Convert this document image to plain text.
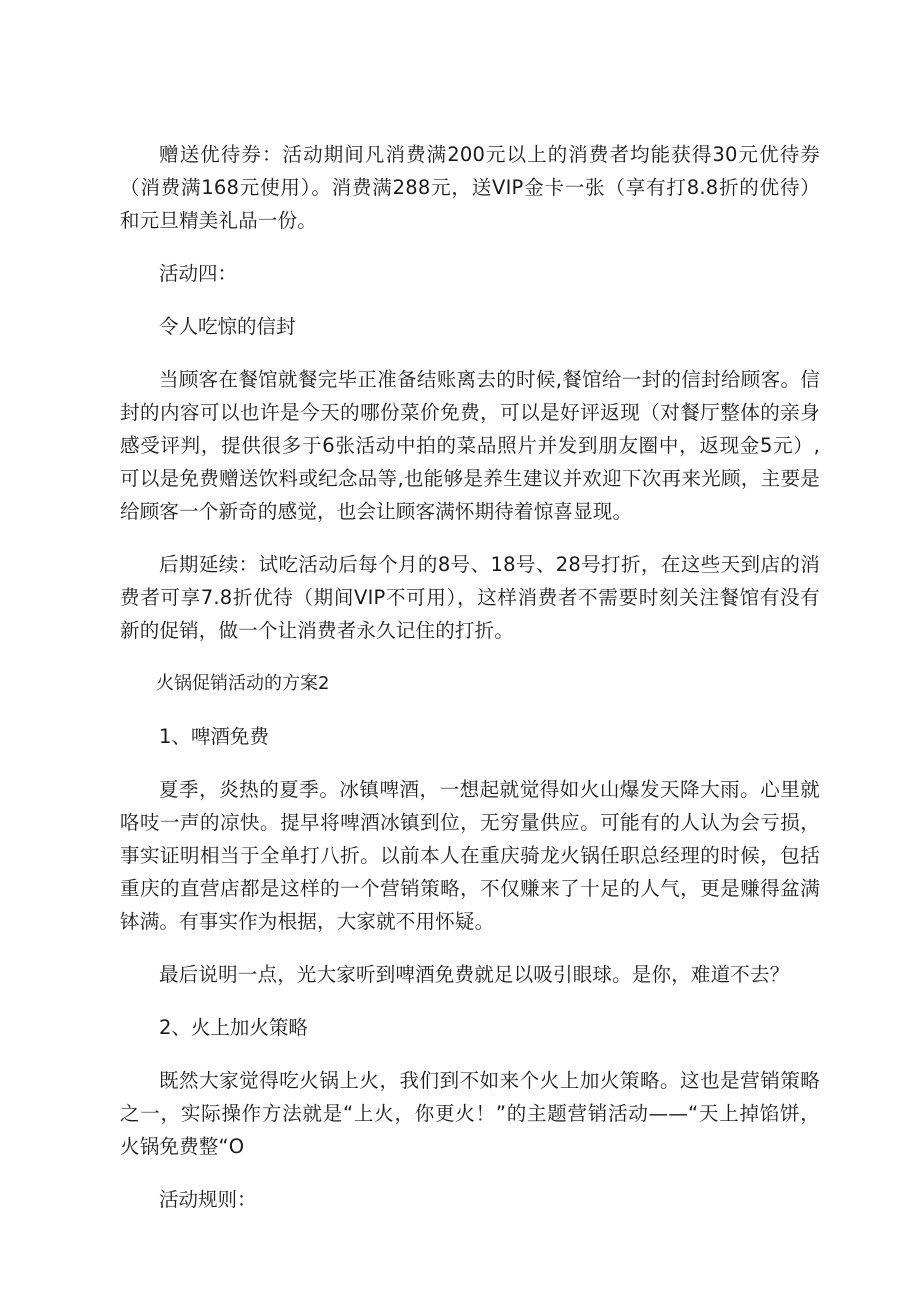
赠送优待券：活动期间凡消费满200元以上的消费者均能获得30元优待券（消费满168元使用）。消费满288元，送VIP金卡一张（享有打8.8折的优待）和元旦精美礼品一份。

活动四：

令人吃惊的信封

当顾客在餐馆就餐完毕正准备结账离去的时候,餐馆给一封的信封给顾客。信封的内容可以也许是今天的哪份菜价免费，可以是好评返现（对餐厅整体的亲身感受评判，提供很多于6张活动中拍的菜品照片并发到朋友圈中，返现金5元）,可以是免费赠送饮料或纪念品等,也能够是养生建议并欢迎下次再来光顾，主要是给顾客一个新奇的感觉，也会让顾客满怀期待着惊喜显现。

后期延续：试吃活动后每个月的8号、18号、28号打折，在这些天到店的消费者可享7.8折优待（期间VIP不可用），这样消费者不需要时刻关注餐馆有没有新的促销，做一个让消费者永久记住的打折。

火锅促销活动的方案2

1、啤酒免费

夏季，炎热的夏季。冰镇啤酒，一想起就觉得如火山爆发天降大雨。心里就咯吱一声的凉快。提早将啤酒冰镇到位，无穷量供应。可能有的人认为会亏损，事实证明相当于全单打八折。以前本人在重庆骑龙火锅任职总经理的时候，包括重庆的直营店都是这样的一个营销策略，不仅赚来了十足的人气，更是赚得盆满钵满。有事实作为根据，大家就不用怀疑。

最后说明一点，光大家听到啤酒免费就足以吸引眼球。是你，难道不去？

2、火上加火策略

既然大家觉得吃火锅上火，我们到不如来个火上加火策略。这也是营销策略之一，实际操作方法就是“上火，你更火！”的主题营销活动——“天上掉馅饼，火锅免费整“O

活动规则：
